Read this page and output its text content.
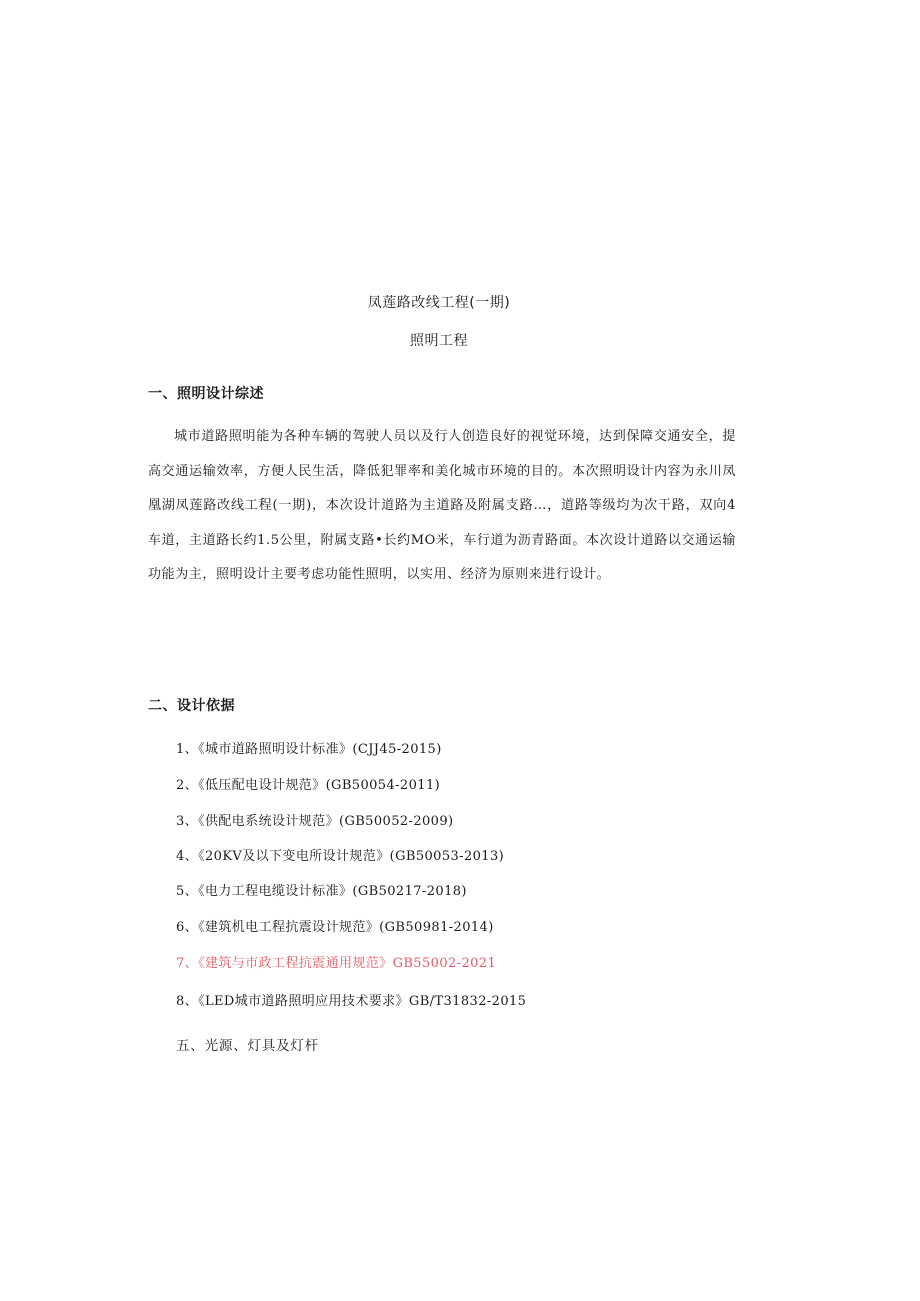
凤莲路改线工程(一期)
照明工程
一、照明设计综述
城市道路照明能为各种车辆的驾驶人员以及行人创造良好的视觉环境，达到保障交通安全，提高交通运输效率，方便人民生活，降低犯罪率和美化城市环境的目的。本次照明设计内容为永川凤凰湖凤莲路改线工程(一期)，本次设计道路为主道路及附属支路…，道路等级均为次干路，双向4车道，主道路长约1.5公里，附属支路•长约MO米，车行道为沥青路面。本次设计道路以交通运输功能为主，照明设计主要考虑功能性照明，以实用、经济为原则来进行设计。
二、设计依据
1、《城市道路照明设计标准》(CJJ45-2015)
2、《低压配电设计规范》(GB50054-2011)
3、《供配电系统设计规范》(GB50052-2009)
4、《20KV及以下变电所设计规范》(GB50053-2013)
5、《电力工程电缆设计标准》(GB50217-2018)
6、《建筑机电工程抗震设计规范》(GB50981-2014)
7、《建筑与市政工程抗震通用规范》GB55002-2021
8、《LED城市道路照明应用技术要求》GB/T31832-2015
五、光源、灯具及灯杆
